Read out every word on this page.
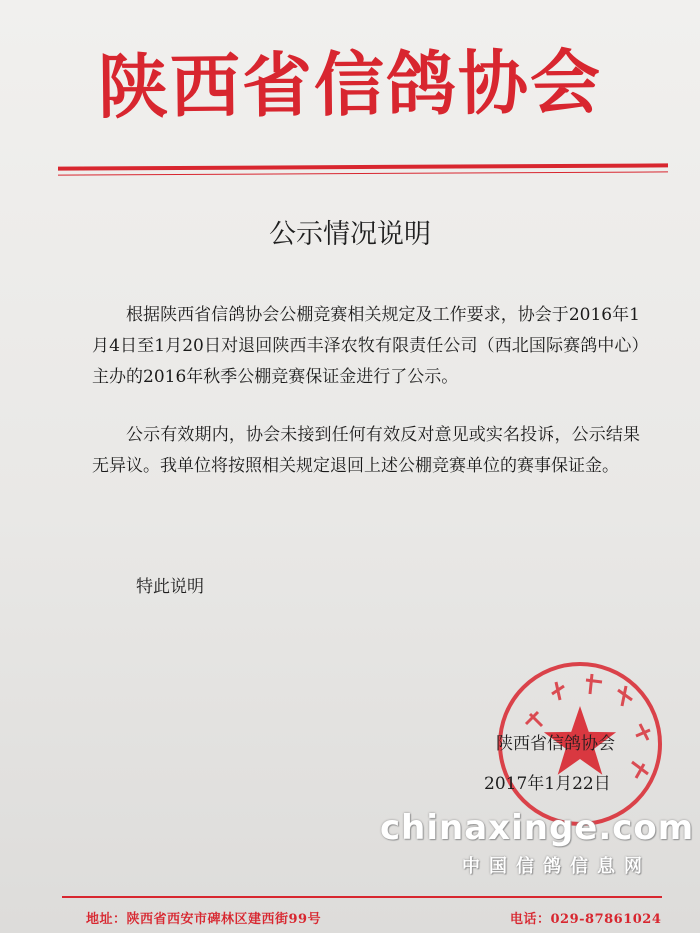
陕西省信鸽协会
公示情况说明
根据陕西省信鸽协会公棚竞赛相关规定及工作要求，协会于2016年1月4日至1月20日对退回陕西丰泽农牧有限责任公司（西北国际赛鸽中心）主办的2016年秋季公棚竞赛保证金进行了公示。
公示有效期内，协会未接到任何有效反对意见或实名投诉，公示结果无异议。我单位将按照相关规定退回上述公棚竞赛单位的赛事保证金。
特此说明
陕西省信鸽协会
2017年1月22日
chinaxinge.com
中国信鸽信息网
地址：陕西省西安市碑林区建西街99号	电话：029-87861024
